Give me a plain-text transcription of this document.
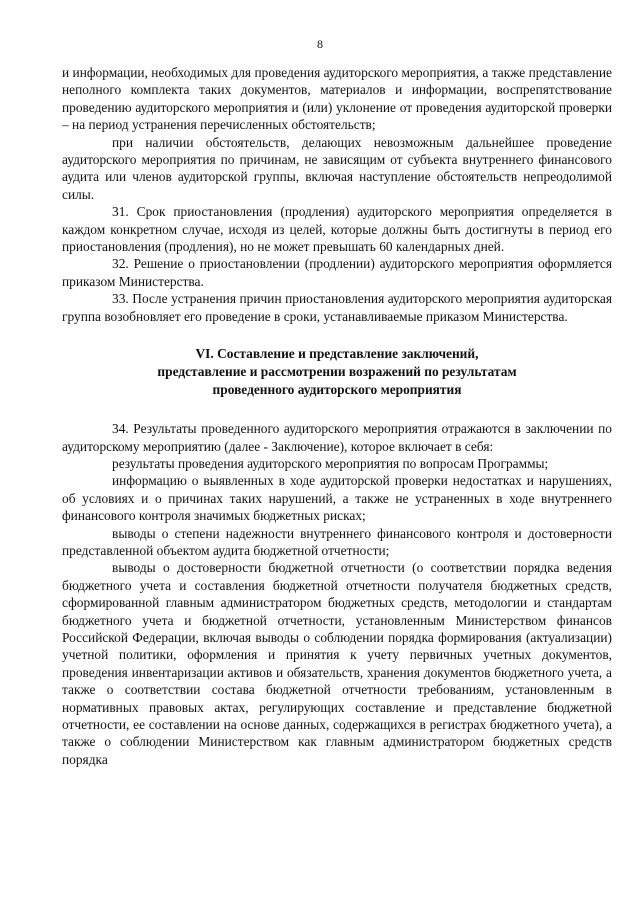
8

и информации, необходимых для проведения аудиторского мероприятия, а также представление неполного комплекта таких документов, материалов и информации, воспрепятствование проведению аудиторского мероприятия и (или) уклонение от проведения аудиторской проверки – на период устранения перечисленных обстоятельств;

при наличии обстоятельств, делающих невозможным дальнейшее проведение аудиторского мероприятия по причинам, не зависящим от субъекта внутреннего финансового аудита или членов аудиторской группы, включая наступление обстоятельств непреодолимой силы.

31. Срок приостановления (продления) аудиторского мероприятия определяется в каждом конкретном случае, исходя из целей, которые должны быть достигнуты в период его приостановления (продления), но не может превышать 60 календарных дней.

32. Решение о приостановлении (продлении) аудиторского мероприятия оформляется приказом Министерства.

33. После устранения причин приостановления аудиторского мероприятия аудиторская группа возобновляет его проведение в сроки, устанавливаемые приказом Министерства.

VI. Составление и представление заключений,
представление и рассмотрении возражений по результатам
проведенного аудиторского мероприятия

34. Результаты проведенного аудиторского мероприятия отражаются в заключении по аудиторскому мероприятию (далее - Заключение), которое включает в себя:

результаты проведения аудиторского мероприятия по вопросам Программы;

информацию о выявленных в ходе аудиторской проверки недостатках и нарушениях, об условиях и о причинах таких нарушений, а также не устраненных в ходе внутреннего финансового контроля значимых бюджетных рисках;

выводы о степени надежности внутреннего финансового контроля и достоверности представленной объектом аудита бюджетной отчетности;

выводы о достоверности бюджетной отчетности (о соответствии порядка ведения бюджетного учета и составления бюджетной отчетности получателя бюджетных средств, сформированной главным администратором бюджетных средств, методологии и стандартам бюджетного учета и бюджетной отчетности, установленным Министерством финансов Российской Федерации, включая выводы о соблюдении порядка формирования (актуализации) учетной политики, оформления и принятия к учету первичных учетных документов, проведения инвентаризации активов и обязательств, хранения документов бюджетного учета, а также о соответствии состава бюджетной отчетности требованиям, установленным в нормативных правовых актах, регулирующих составление и представление бюджетной отчетности, ее составлении на основе данных, содержащихся в регистрах бюджетного учета), а также о соблюдении Министерством как главным администратором бюджетных средств порядка
